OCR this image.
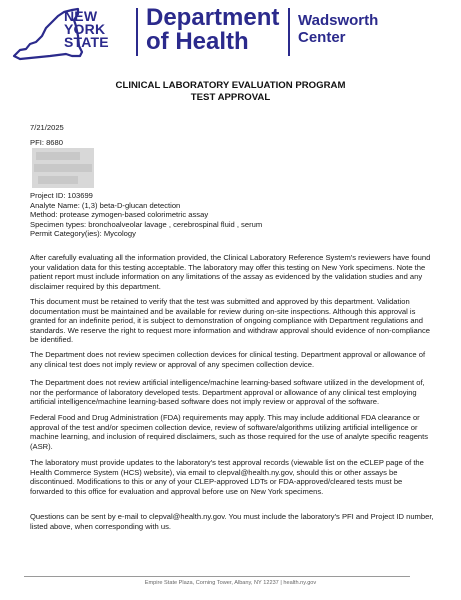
NEW
YORK
STATE
Department
of Health
Wadsworth
Center
CLINICAL LABORATORY EVALUATION PROGRAM
TEST APPROVAL
7/21/2025
PFI: 8680
Project ID: 103699
Analyte Name: (1,3) beta-D-glucan detection
Method: protease zymogen-based colorimetric assay
Specimen types: bronchoalveolar lavage , cerebrospinal fluid , serum
Permit Category(ies): Mycology
After carefully evaluating all the information provided, the Clinical Laboratory Reference System's reviewers have found your validation data for this testing acceptable. The laboratory may offer this testing on New York specimens. Note the patient report must include information on any limitations of the assay as evidenced by the validation studies and any disclaimer required by this department.
This document must be retained to verify that the test was submitted and approved by this department. Validation documentation must be maintained and be available for review during on-site inspections. Although this approval is granted for an indefinite period, it is subject to demonstration of ongoing compliance with Department regulations and standards. We reserve the right to request more information and withdraw approval should evidence of non-compliance be identified.
The Department does not review specimen collection devices for clinical testing. Department approval or allowance of any clinical test does not imply review or approval of any specimen collection device.
The Department does not review artificial intelligence/machine learning-based software utilized in the development of, nor the performance of laboratory developed tests. Department approval or allowance of any clinical test employing artificial intelligence/machine learning-based software does not imply review or approval of the software.
Federal Food and Drug Administration (FDA) requirements may apply. This may include additional FDA clearance or approval of the test and/or specimen collection device, review of software/algorithms utilizing artificial intelligence or machine learning, and inclusion of required disclaimers, such as those required for the use of analyte specific reagents (ASR).
The laboratory must provide updates to the laboratory's test approval records (viewable list on the eCLEP page of the Health Commerce System (HCS) website), via email to clepval@health.ny.gov, should this or other assays be discontinued. Modifications to this or any of your CLEP-approved LDTs or FDA-approved/cleared tests must be forwarded to this office for evaluation and approval before use on New York specimens.
Questions can be sent by e-mail to clepval@health.ny.gov. You must include the laboratory's PFI and Project ID number, listed above, when corresponding with us.
Empire State Plaza, Corning Tower, Albany, NY 12237 | health.ny.gov
